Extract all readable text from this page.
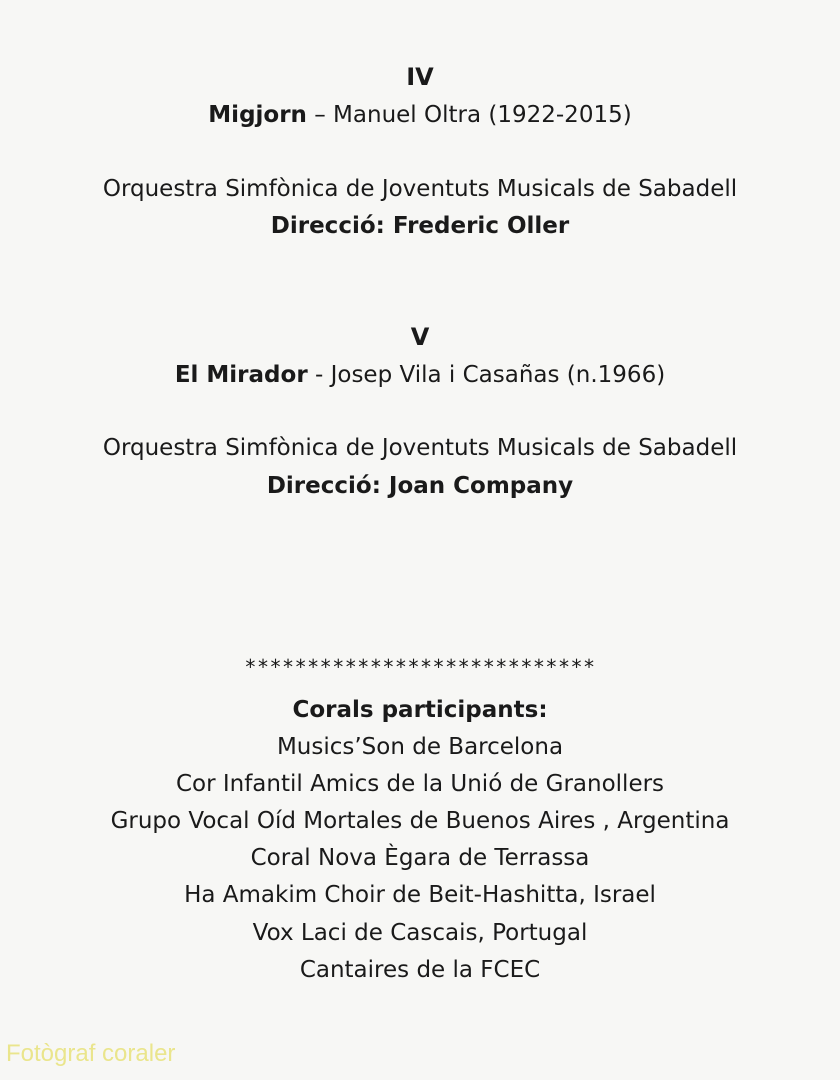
IV
Migjorn – Manuel Oltra (1922-2015)
Orquestra Simfònica de Joventuts Musicals de Sabadell
Direcció: Frederic Oller
V
El Mirador - Josep Vila i Casañas (n.1966)
Orquestra Simfònica de Joventuts Musicals de Sabadell
Direcció: Joan Company
****************************
Corals participants:
Musics’Son de Barcelona
Cor Infantil Amics de la Unió de Granollers
Grupo Vocal Oíd Mortales de Buenos Aires , Argentina
Coral Nova Ègara de Terrassa
Ha Amakim Choir de Beit-Hashitta, Israel
Vox Laci de Cascais, Portugal
Cantaires de la FCEC
Fotògraf coraler
